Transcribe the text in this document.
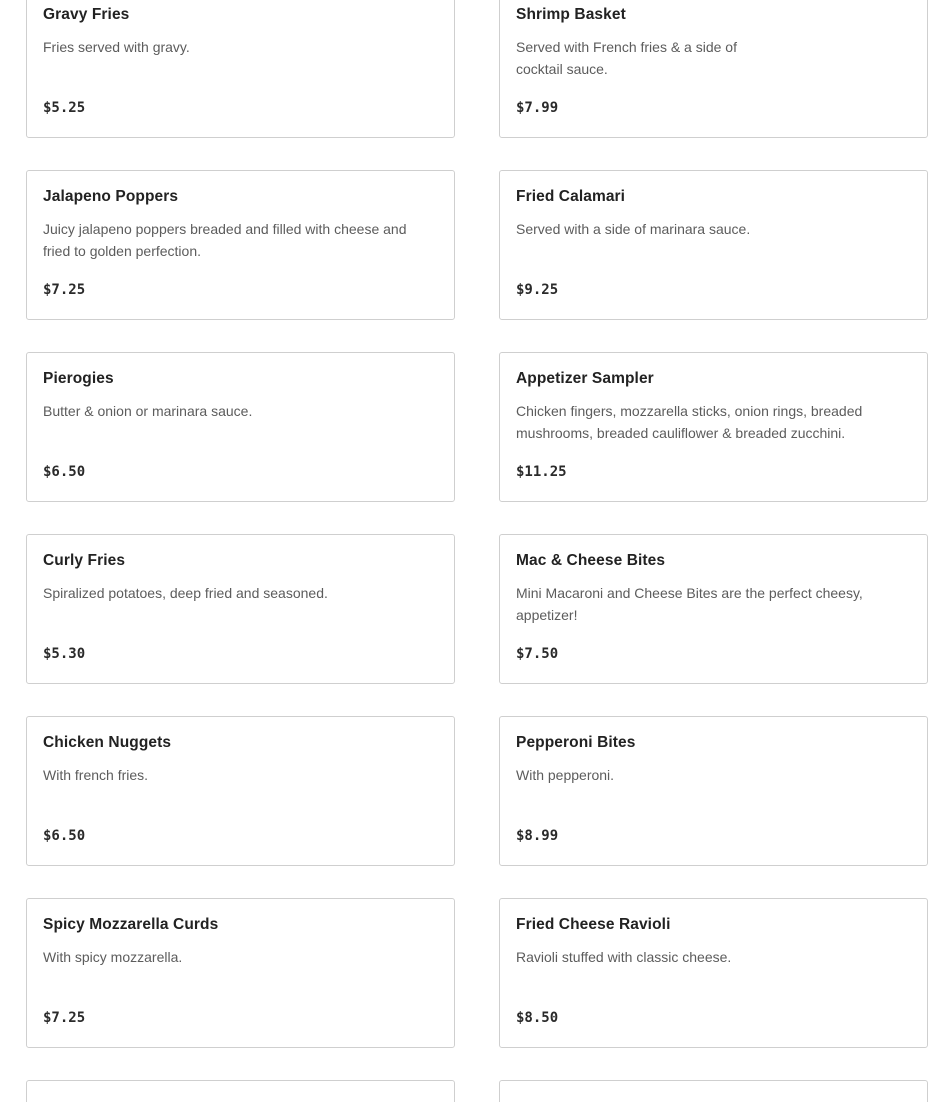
Gravy Fries
Fries served with gravy.
$5.25
Shrimp Basket
Served with French fries & a side of cocktail sauce.
$7.99
Jalapeno Poppers
Juicy jalapeno poppers breaded and filled with cheese and fried to golden perfection.
$7.25
Fried Calamari
Served with a side of marinara sauce.
$9.25
Pierogies
Butter & onion or marinara sauce.
$6.50
Appetizer Sampler
Chicken fingers, mozzarella sticks, onion rings, breaded mushrooms, breaded cauliflower & breaded zucchini.
$11.25
Curly Fries
Spiralized potatoes, deep fried and seasoned.
$5.30
Mac & Cheese Bites
Mini Macaroni and Cheese Bites are the perfect cheesy, appetizer!
$7.50
Chicken Nuggets
With french fries.
$6.50
Pepperoni Bites
With pepperoni.
$8.99
Spicy Mozzarella Curds
With spicy mozzarella.
$7.25
Fried Cheese Ravioli
Ravioli stuffed with classic cheese.
$8.50
